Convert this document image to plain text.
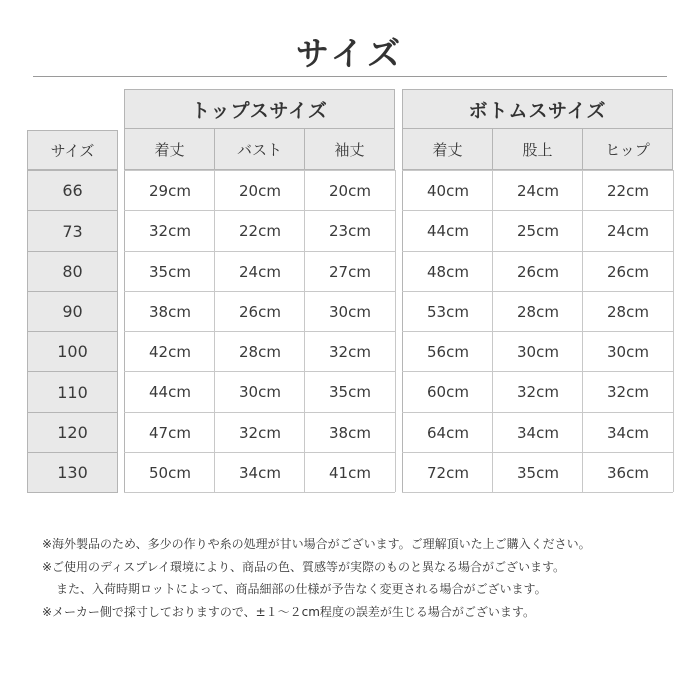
サイズ
サイズ
トップスサイズ
着丈	バスト	袖丈
ボトムスサイズ
着丈	股上	ヒップ
66	29cm	20cm	20cm	40cm	24cm	22cm
73	32cm	22cm	23cm	44cm	25cm	24cm
80	35cm	24cm	27cm	48cm	26cm	26cm
90	38cm	26cm	30cm	53cm	28cm	28cm
100	42cm	28cm	32cm	56cm	30cm	30cm
110	44cm	30cm	35cm	60cm	32cm	32cm
120	47cm	32cm	38cm	64cm	34cm	34cm
130	50cm	34cm	41cm	72cm	35cm	36cm
※海外製品のため、多少の作りや糸の処理が甘い場合がございます。ご理解頂いた上ご購入ください。
※ご使用のディスプレイ環境により、商品の色、質感等が実際のものと異なる場合がございます。
また、入荷時期ロットによって、商品細部の仕様が予告なく変更される場合がございます。
※メーカー側で採寸しておりますので、±１～２cm程度の誤差が生じる場合がございます。
